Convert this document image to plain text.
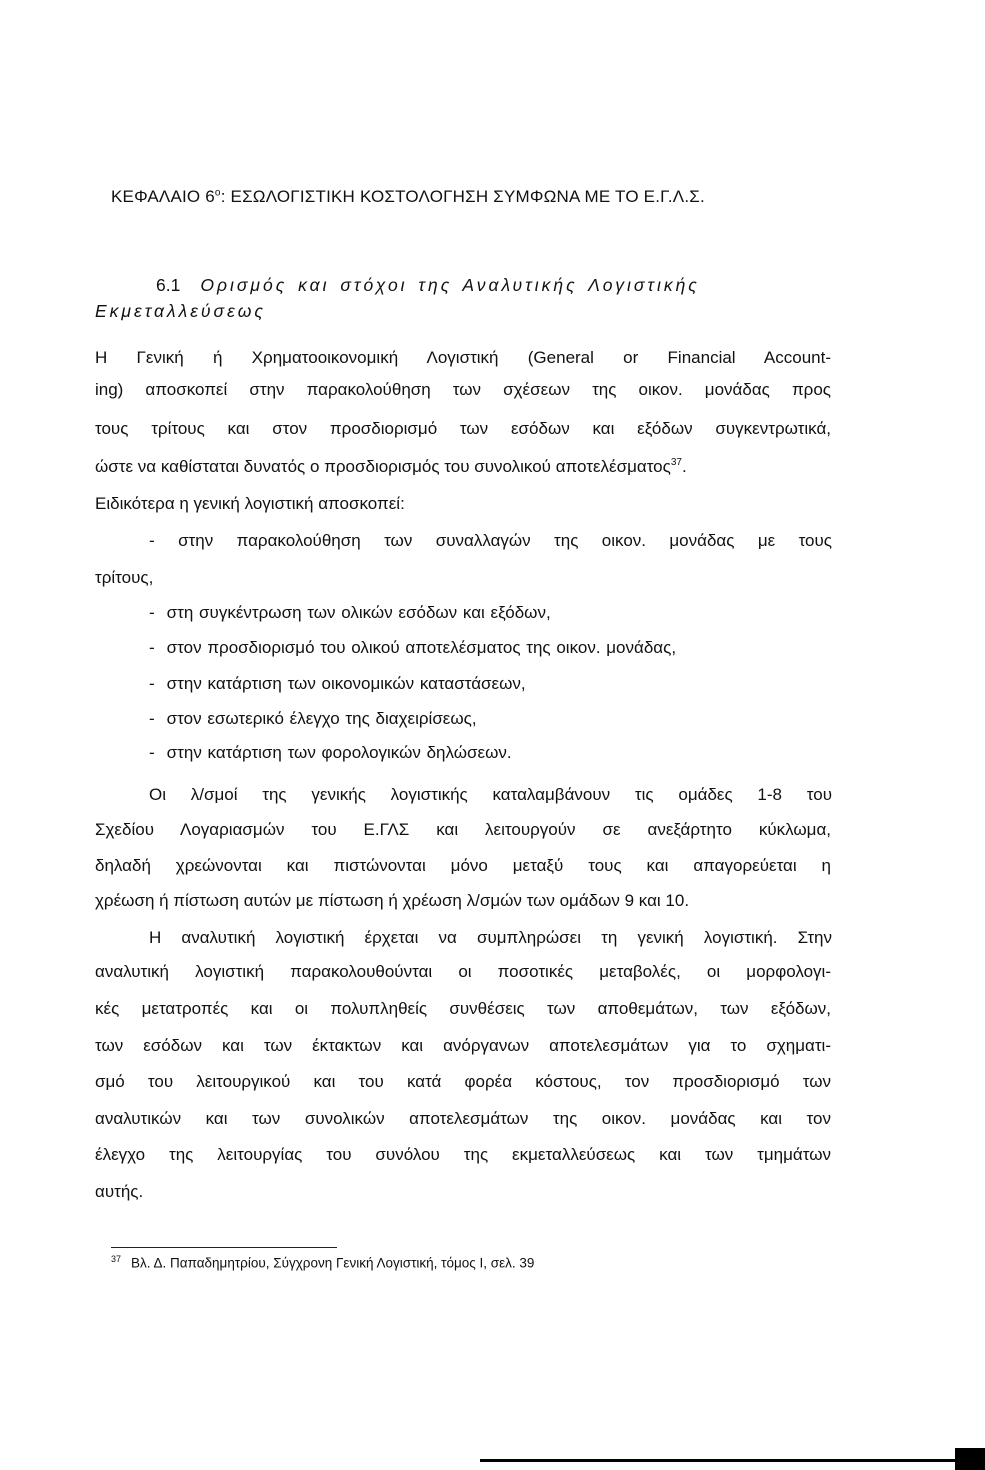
ΚΕΦΑΛΑΙΟ $6^o$: ΕΣΩΛΟΓΙΣΤΙΚΗ ΚΟΣΤΟΛΟΓΗΣΗ ΣΥΜΦΩΝΑ ΜΕ ΤΟ Ε.Γ.Λ.Σ.
6.1 Ορισμός και στόχοι της Αναλυτικής Λογιστικής Εκμεταλλεύσεως
Η Γενική ή Χρηματοοικονομική Λογιστική (General or Financial Account-
ing) αποσκοπεί στην παρακολούθηση των σχέσεων της οικον. μονάδας προς
τους τρίτους και στον προσδιορισμό των εσόδων και εξόδων συγκεντρωτικά,
ώστε να καθίσταται δυνατός ο προσδιορισμός του συνολικού αποτελέσματος$^{37}$.
Ειδικότερα η γενική λογιστική αποσκοπεί:
- στην παρακολούθηση των συναλλαγών της οικον. μονάδας με τους
τρίτους,
- στη συγκέντρωση των ολικών εσόδων και εξόδων,
- στον προσδιορισμό του ολικού αποτελέσματος της οικον. μονάδας,
- στην κατάρτιση των οικονομικών καταστάσεων,
- στον εσωτερικό έλεγχο της διαχειρίσεως,
- στην κατάρτιση των φορολογικών δηλώσεων.
Οι λ/σμοί της γενικής λογιστικής καταλαμβάνουν τις ομάδες 1-8 του
Σχεδίου Λογαριασμών του Ε.ΓΛΣ και λειτουργούν σε ανεξάρτητο κύκλωμα,
δηλαδή χρεώνονται και πιστώνονται μόνο μεταξύ τους και απαγορεύεται η
χρέωση ή πίστωση αυτών με πίστωση ή χρέωση λ/σμών των ομάδων 9 και 10.
Η αναλυτική λογιστική έρχεται να συμπληρώσει τη γενική λογιστική. Στην
αναλυτική λογιστική παρακολουθούνται οι ποσοτικές μεταβολές, οι μορφολογι-
κές μετατροπές και οι πολυπληθείς συνθέσεις των αποθεμάτων, των εξόδων,
των εσόδων και των έκτακτων και ανόργανων αποτελεσμάτων για το σχηματι-
σμό του λειτουργικού και του κατά φορέα κόστους, τον προσδιορισμό των
αναλυτικών και των συνολικών αποτελεσμάτων της οικον. μονάδας και τον
έλεγχο της λειτουργίας του συνόλου της εκμεταλλεύσεως και των τμημάτων
αυτής.
$^{37}$ Βλ. Δ. Παπαδημητρίου, Σύγχρονη Γενική Λογιστική, τόμος Ι, σελ. 39
